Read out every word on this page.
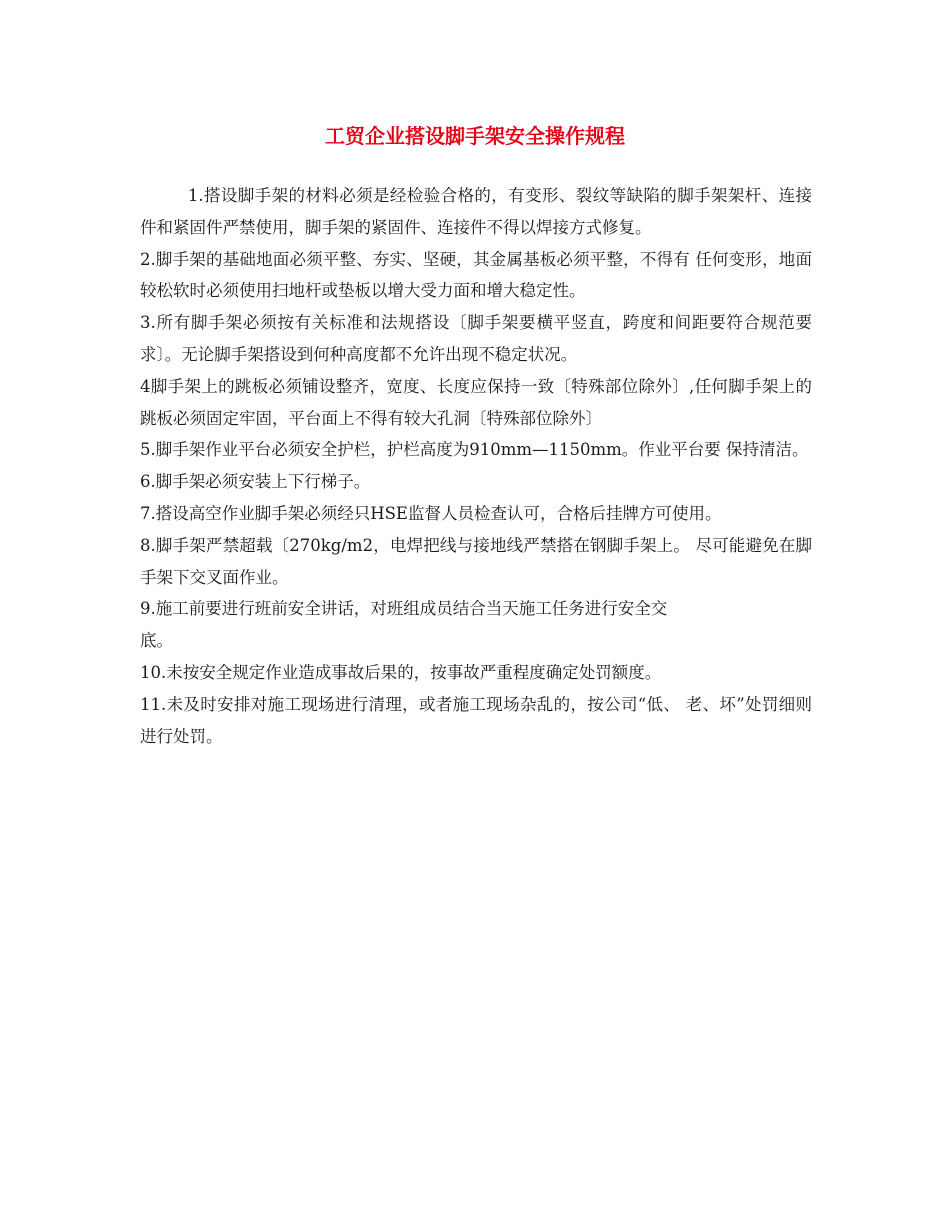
工贸企业搭设脚手架安全操作规程

1.搭设脚手架的材料必须是经检验合格的，有变形、裂纹等缺陷的脚手架架杆、连接件和紧固件严禁使用，脚手架的紧固件、连接件不得以焊接方式修复。

2.脚手架的基础地面必须平整、夯实、坚硬，其金属基板必须平整，不得有 任何变形，地面较松软时必须使用扫地杆或垫板以增大受力面和增大稳定性。

3.所有脚手架必须按有关标准和法规搭设〔脚手架要横平竖直，跨度和间距要符合规范要求〕。无论脚手架搭设到何种高度都不允许出现不稳定状况。

4脚手架上的跳板必须铺设整齐，宽度、长度应保持一致〔特殊部位除外〕,任何脚手架上的跳板必须固定牢固，平台面上不得有较大孔洞〔特殊部位除外〕

5.脚手架作业平台必须安全护栏，护栏高度为910mm—1150mm。作业平台要 保持清洁。

6.脚手架必须安装上下行梯子。

7.搭设高空作业脚手架必须经只HSE监督人员检查认可，合格后挂牌方可使用。

8.脚手架严禁超载〔270kg/m2，电焊把线与接地线严禁搭在钢脚手架上。 尽可能避免在脚手架下交叉面作业。

9.施工前要进行班前安全讲话，对班组成员结合当天施工任务进行安全交

底。

10.未按安全规定作业造成事故后果的，按事故严重程度确定处罚额度。

11.未及时安排对施工现场进行清理，或者施工现场杂乱的，按公司“低、 老、坏”处罚细则进行处罚。
